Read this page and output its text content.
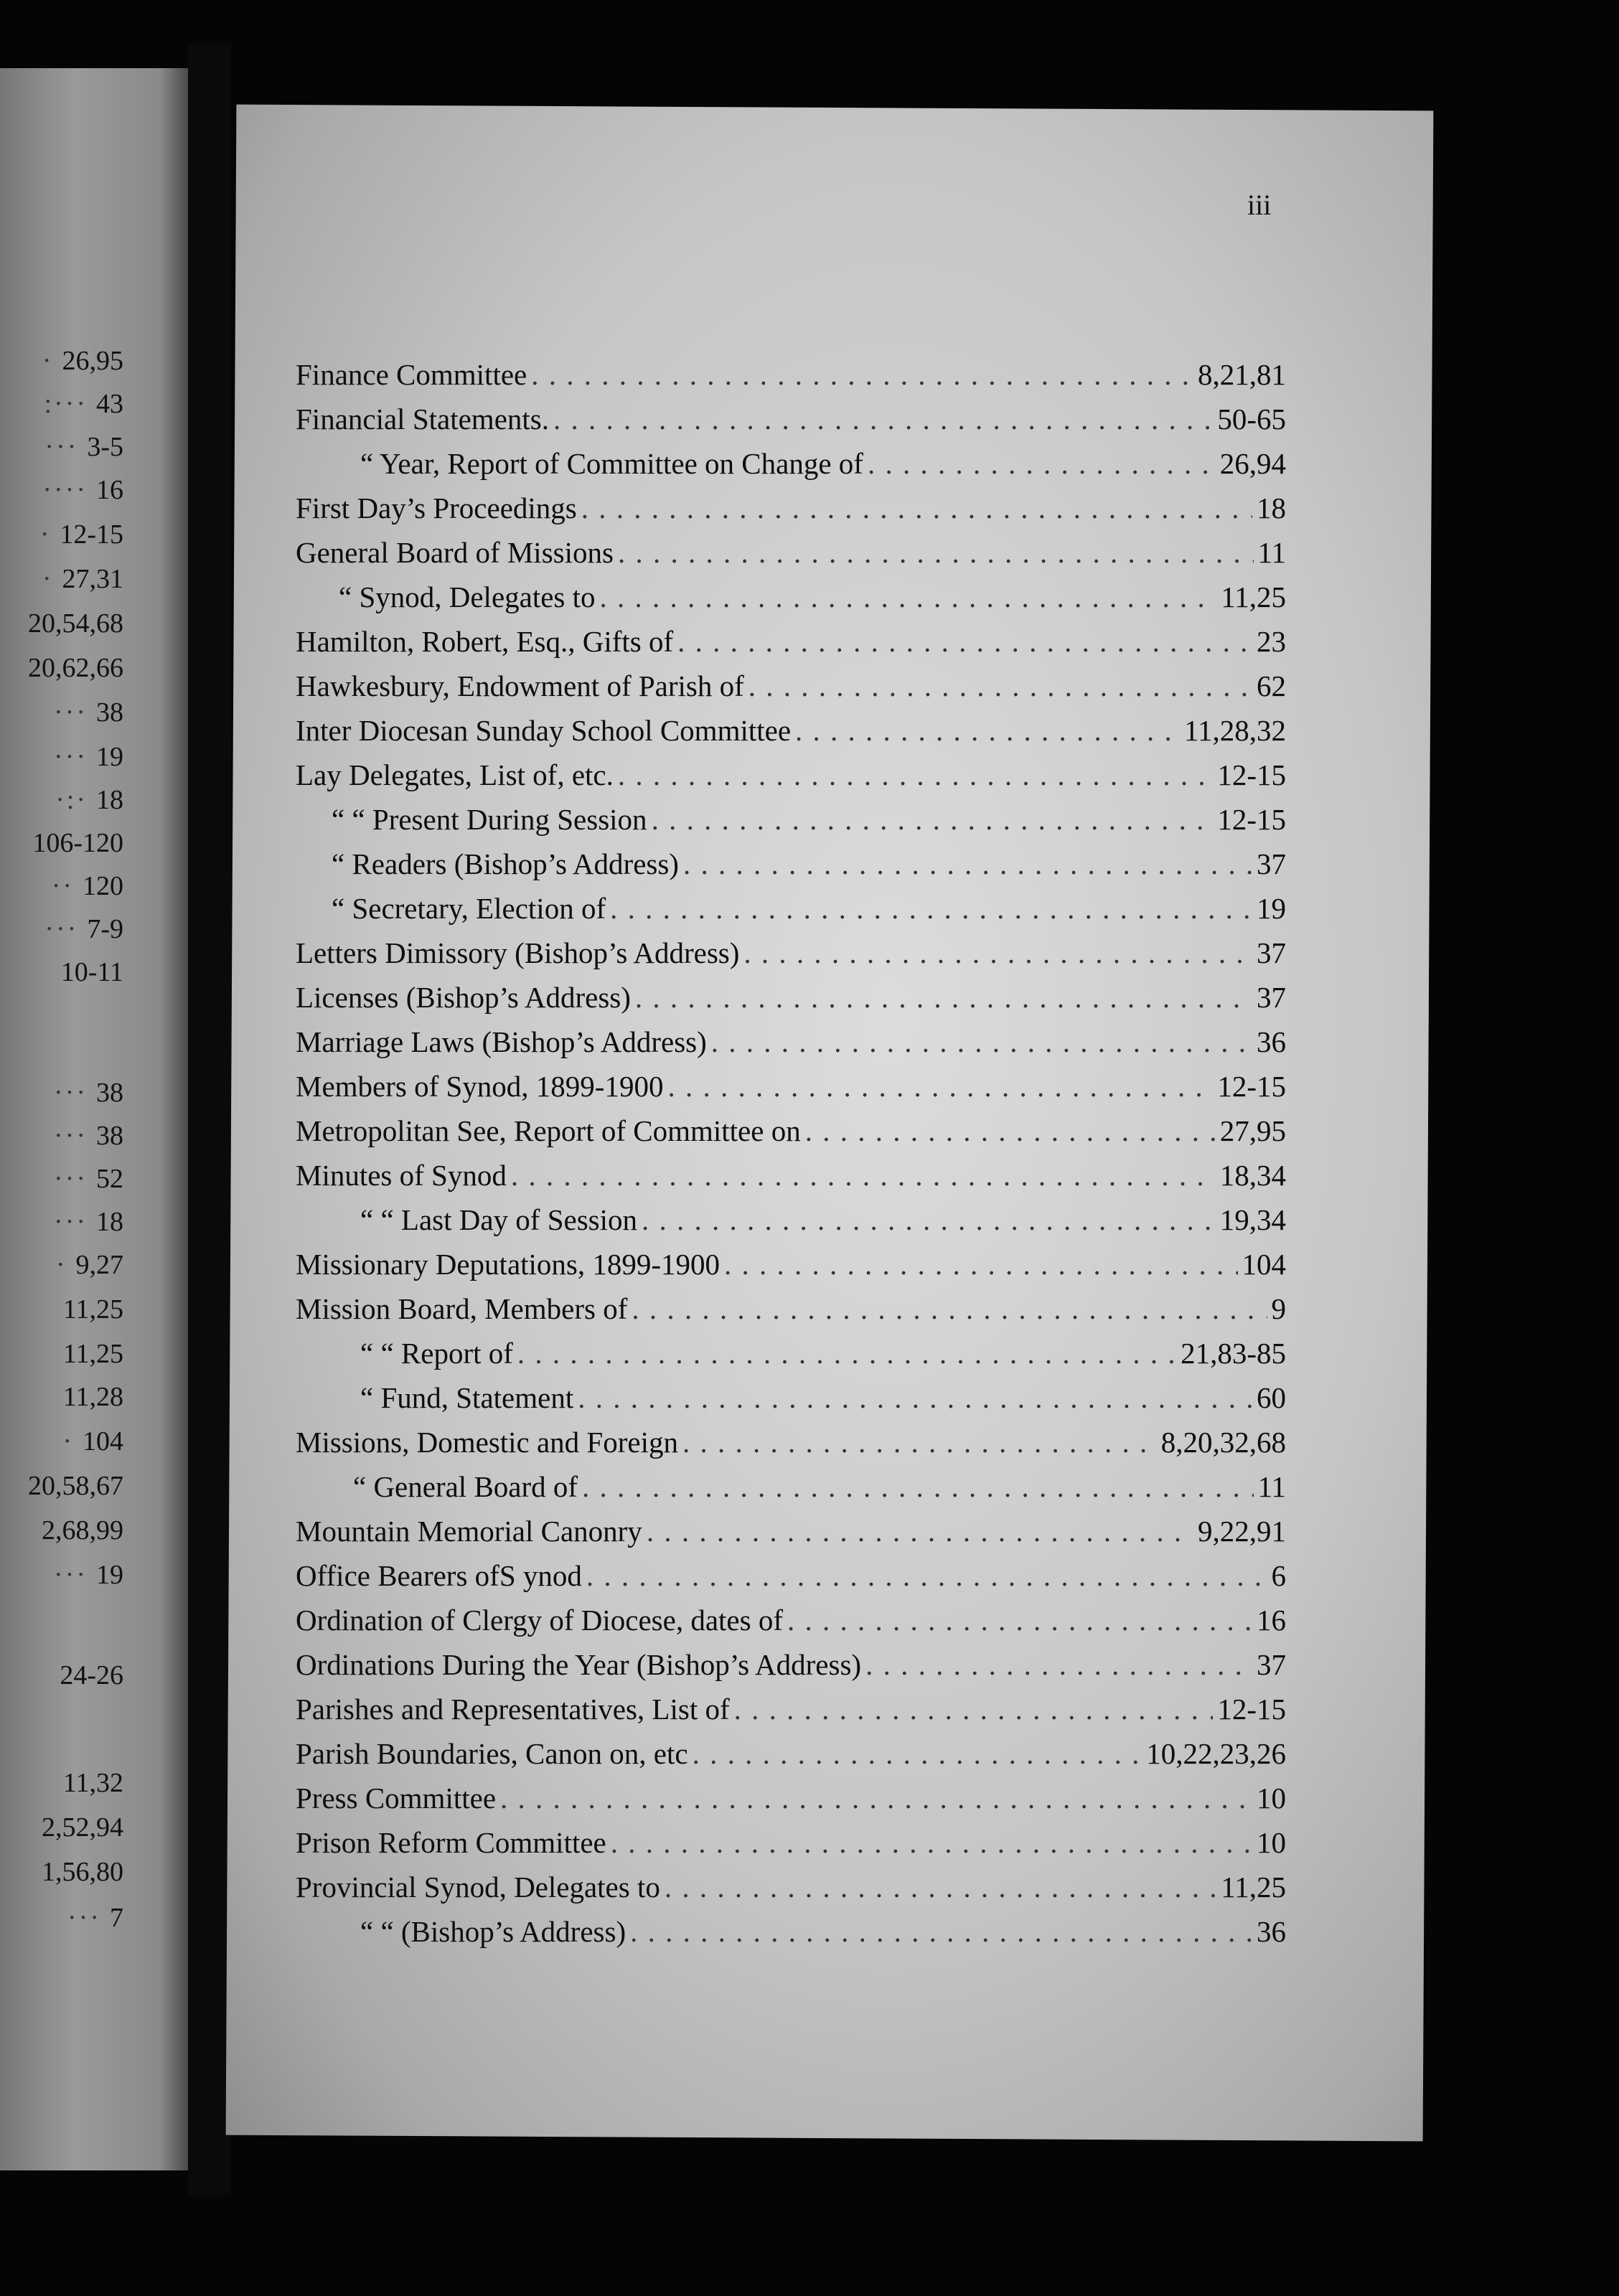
· 26,95
:··· 43
··· 3-5
···· 16
· 12-15
· 27,31
20,54,68
20,62,66
··· 38
··· 19
·:· 18
106-120
·· 120
··· 7-9
10-11
··· 38
··· 38
··· 52
··· 18
· 9,27
11,25
11,25
11,28
· 104
20,58,67
2,68,99
··· 19
24-26
11,32
2,52,94
1,56,80
··· 7
iii
Finance Committee . . .	8,21,81
Financial Statements. . . .	50-65
“ Year, Report of Committee on Change of . . .	26,94
First Day’s Proceedings . . .	18
General Board of Missions . . .	11
“ Synod, Delegates to . . .	11,25
Hamilton, Robert, Esq., Gifts of . . .	23
Hawkesbury, Endowment of Parish of . . .	62
Inter Diocesan Sunday School Committee . . .	11,28,32
Lay Delegates, List of, etc. . . .	12-15
“ “ Present During Session . . .	12-15
“ Readers (Bishop’s Address) . . .	37
“ Secretary, Election of . . .	19
Letters Dimissory (Bishop’s Address) . . .	37
Licenses (Bishop’s Address) . . .	37
Marriage Laws (Bishop’s Address) . . .	36
Members of Synod, 1899-1900 . . .	12-15
Metropolitan See, Report of Committee on . . .	27,95
Minutes of Synod . . .	18,34
“ “ Last Day of Session . . .	19,34
Missionary Deputations, 1899-1900 . . .	104
Mission Board, Members of . . .	9
“ “ Report of . . .	21,83-85
“ Fund, Statement . . .	60
Missions, Domestic and Foreign . . .	8,20,32,68
“ General Board of . . .	11
Mountain Memorial Canonry . . .	9,22,91
Office Bearers ofS ynod . . .	6
Ordination of Clergy of Diocese, dates of . . .	16
Ordinations During the Year (Bishop’s Address) . . .	37
Parishes and Representatives, List of . . .	12-15
Parish Boundaries, Canon on, etc . . .	10,22,23,26
Press Committee . . .	10
Prison Reform Committee . . .	10
Provincial Synod, Delegates to . . .	11,25
“ “ (Bishop’s Address) . . .	36
